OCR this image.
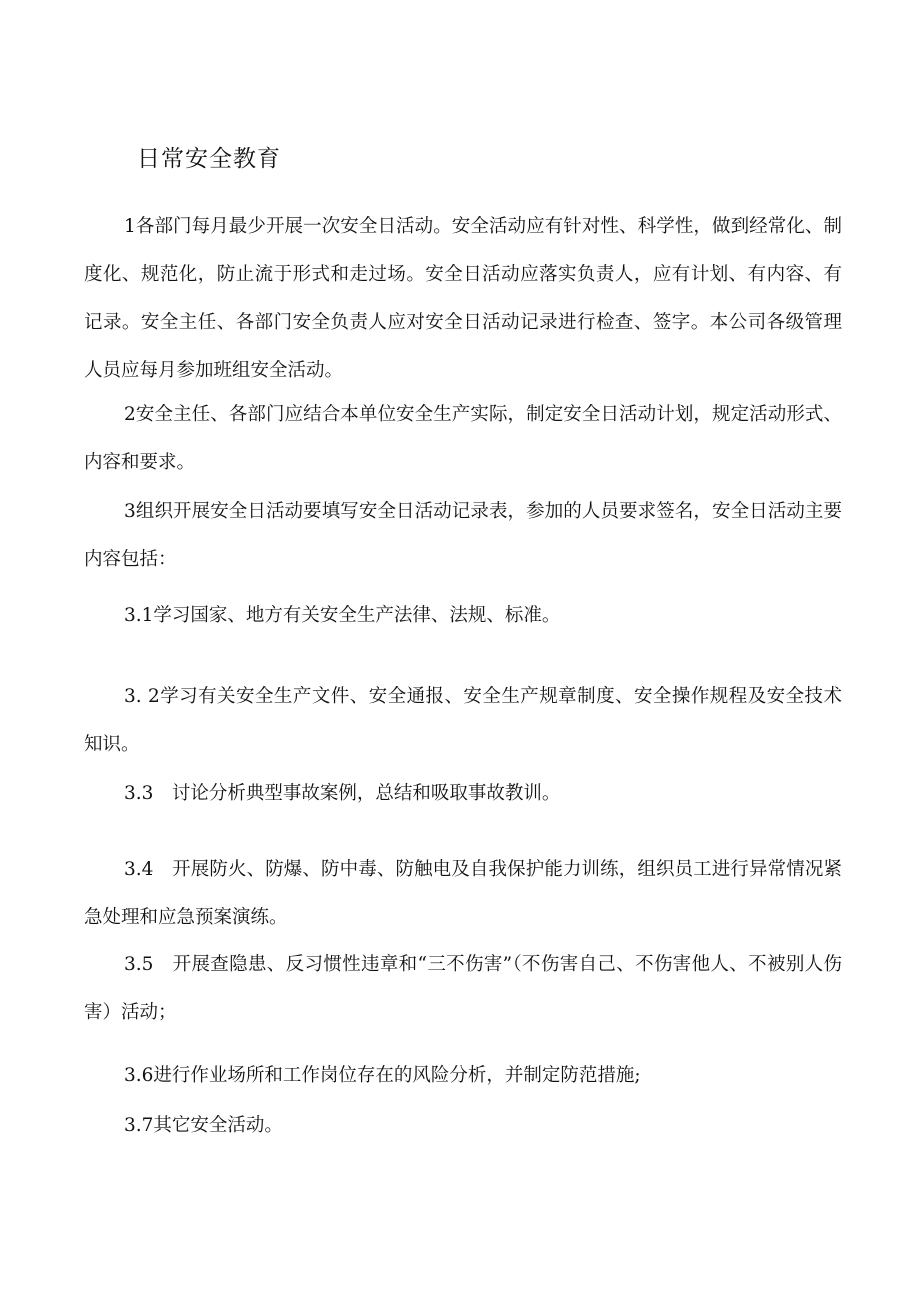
日常安全教育

1各部门每月最少开展一次安全日活动。安全活动应有针对性、科学性，做到经常化、制度化、规范化，防止流于形式和走过场。安全日活动应落实负责人，应有计划、有内容、有记录。安全主任、各部门安全负责人应对安全日活动记录进行检查、签字。本公司各级管理人员应每月参加班组安全活动。

2安全主任、各部门应结合本单位安全生产实际，制定安全日活动计划，规定活动形式、内容和要求。

3组织开展安全日活动要填写安全日活动记录表，参加的人员要求签名，安全日活动主要内容包括：

3.1学习国家、地方有关安全生产法律、法规、标准。

3. 2学习有关安全生产文件、安全通报、安全生产规章制度、安全操作规程及安全技术知识。

3.3　讨论分析典型事故案例，总结和吸取事故教训。

3.4　开展防火、防爆、防中毒、防触电及自我保护能力训练，组织员工进行异常情况紧急处理和应急预案演练。

3.5　开展查隐患、反习惯性违章和“三不伤害”（不伤害自己、不伤害他人、不被别人伤害）活动；

3.6进行作业场所和工作岗位存在的风险分析，并制定防范措施;

3.7其它安全活动。
